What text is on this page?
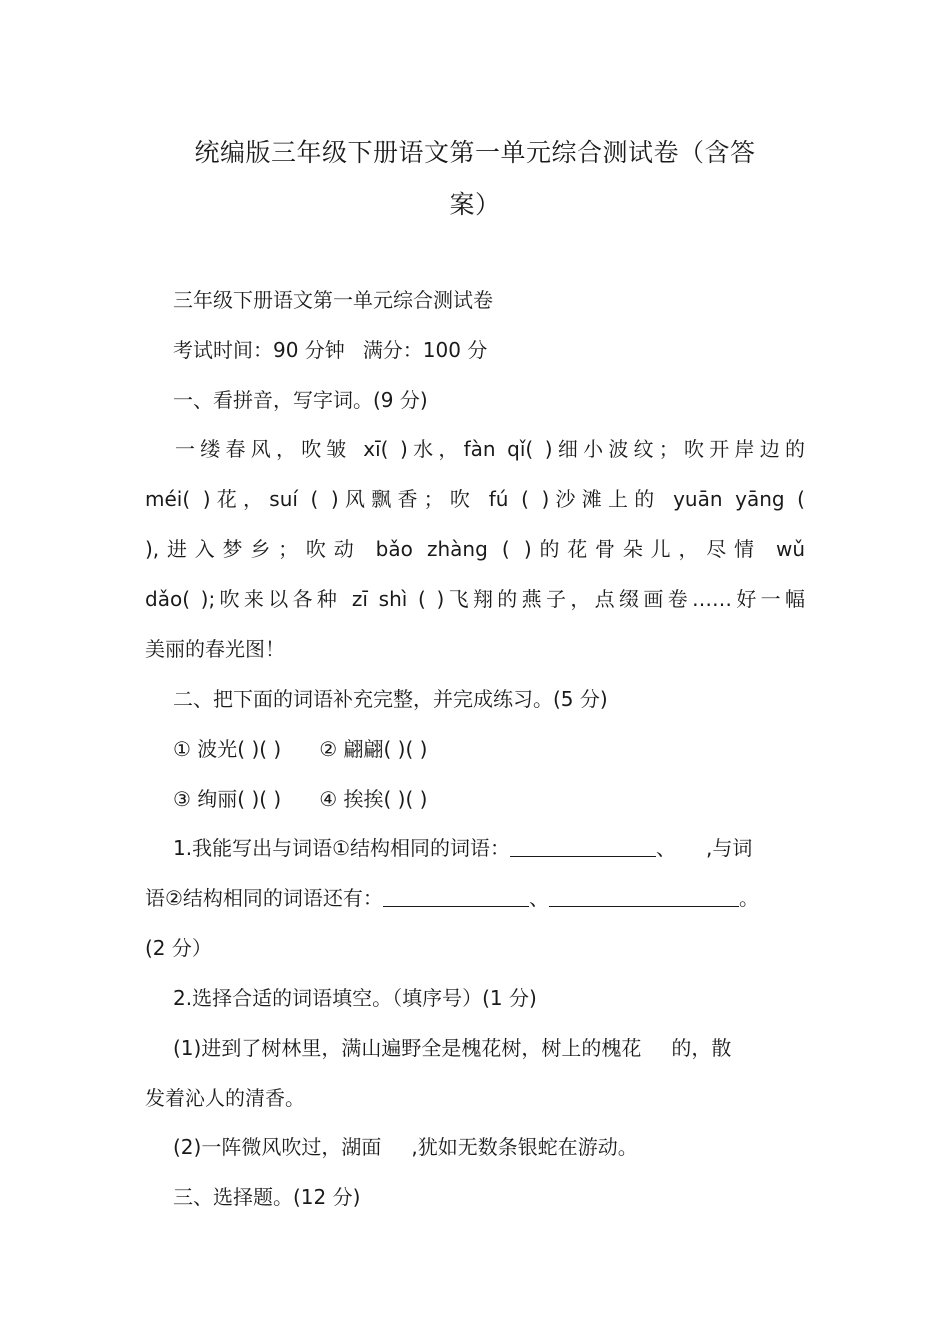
统编版三年级下册语文第一单元综合测试卷（含答
案）
三年级下册语文第一单元综合测试卷
考试时间：90 分钟 满分：100 分
一、看拼音，写字词。(9 分)
一缕春风，吹皱 xī( )水，fàn qǐ( )细小波纹；吹开岸边的
méi( )花，suí ( )风飘香；吹 fú ( )沙滩上的 yuān yāng (
),进入梦乡；吹动 bǎo zhàng ( )的花骨朵儿，尽情 wǔ
dǎo( );吹来以各种 zī shì ( )飞翔的燕子，点缀画卷……好一幅
美丽的春光图！
二、把下面的词语补充完整，并完成练习。(5 分)
① 波光( )( ) ② 翩翩( )( )
③ 绚丽( )( ) ④ 挨挨( )( )
1.我能写出与词语①结构相同的词语：	、 ,与词
语②结构相同的词语还有：	、	。
(2 分）
2.选择合适的词语填空。（填序号）(1 分)
(1)进到了树林里，满山遍野全是槐花树，树上的槐花 的，散
发着沁人的清香。
(2)一阵微风吹过，湖面 ,犹如无数条银蛇在游动。
三、选择题。(12 分)
